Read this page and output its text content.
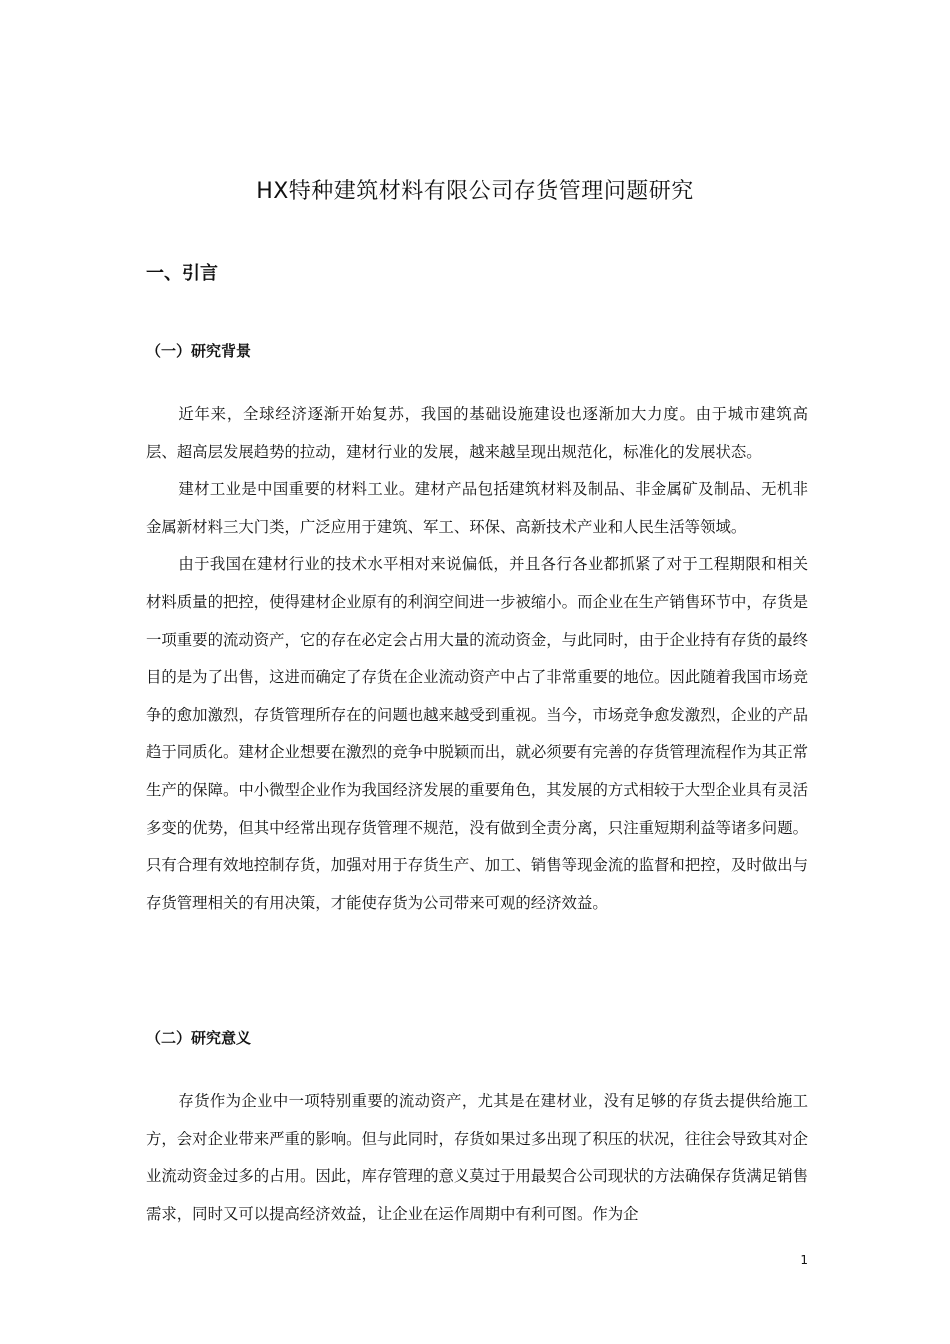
HX特种建筑材料有限公司存货管理问题研究
一、引言
（一）研究背景

近年来，全球经济逐渐开始复苏，我国的基础设施建设也逐渐加大力度。由于城市建筑高层、超高层发展趋势的拉动，建材行业的发展，越来越呈现出规范化，标准化的发展状态。

建材工业是中国重要的材料工业。建材产品包括建筑材料及制品、非金属矿及制品、无机非金属新材料三大门类，广泛应用于建筑、军工、环保、高新技术产业和人民生活等领域。

由于我国在建材行业的技术水平相对来说偏低，并且各行各业都抓紧了对于工程期限和相关材料质量的把控，使得建材企业原有的利润空间进一步被缩小。而企业在生产销售环节中，存货是一项重要的流动资产，它的存在必定会占用大量的流动资金，与此同时，由于企业持有存货的最终目的是为了出售，这进而确定了存货在企业流动资产中占了非常重要的地位。因此随着我国市场竞争的愈加激烈，存货管理所存在的问题也越来越受到重视。当今，市场竞争愈发激烈，企业的产品趋于同质化。建材企业想要在激烈的竞争中脱颖而出，就必须要有完善的存货管理流程作为其正常生产的保障。中小微型企业作为我国经济发展的重要角色，其发展的方式相较于大型企业具有灵活多变的优势，但其中经常出现存货管理不规范，没有做到全责分离，只注重短期利益等诸多问题。只有合理有效地控制存货，加强对用于存货生产、加工、销售等现金流的监督和把控，及时做出与存货管理相关的有用决策，才能使存货为公司带来可观的经济效益。

（二）研究意义

存货作为企业中一项特别重要的流动资产，尤其是在建材业，没有足够的存货去提供给施工方，会对企业带来严重的影响。但与此同时，存货如果过多出现了积压的状况，往往会导致其对企业流动资金过多的占用。因此，库存管理的意义莫过于用最契合公司现状的方法确保存货满足销售需求，同时又可以提高经济效益，让企业在运作周期中有利可图。作为企

1
